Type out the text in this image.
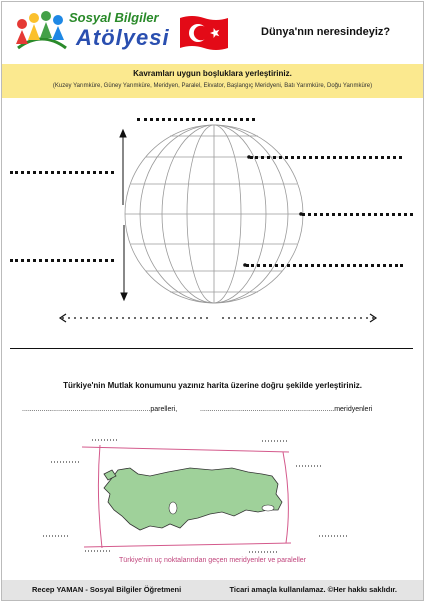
Sosyal Bilgiler
Atölyesi	Dünya'nın neresindeyiz?
Kavramları uygun boşluklara yerleştiriniz.
(Kuzey Yarımküre, Güney Yarımküre, Meridyen, Paralel, Ekvator, Başlangıç Meridyeni, Batı Yarımküre, Doğu Yarımküre)
Türkiye'nin Mutlak konumunu yazınız harita üzerine doğru şekilde yerleştiriniz.
..................................................................parelleri,	.....................................................................meridyenleri
Türkiye'nin uç noktalarından geçen meridyenler ve paraleller
Recep YAMAN - Sosyal Bilgiler Öğretmeni	Ticari amaçla kullanılamaz. ©Her hakkı saklıdır.
